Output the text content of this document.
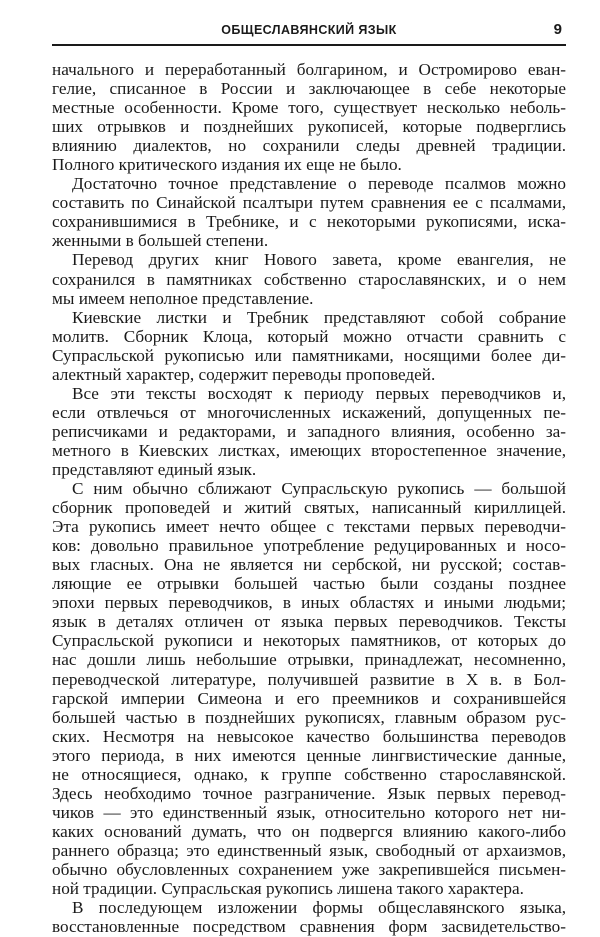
ОБЩЕСЛАВЯНСКИЙ ЯЗЫК	9
начального и переработанный болгарином, и Остромирово еван-
гелие, списанное в России и заключающее в себе некоторые
местные особенности. Кроме того, существует несколько неболь-
ших отрывков и позднейших рукописей, которые подверглись
влиянию диалектов, но сохранили следы древней традиции.
Полного критического издания их еще не было.
Достаточно точное представление о переводе псалмов можно
составить по Синайской псалтыри путем сравнения ее с псалмами,
сохранившимися в Требнике, и с некоторыми рукописями, иска-
женными в большей степени.
Перевод других книг Нового завета, кроме евангелия, не
сохранился в памятниках собственно старославянских, и о нем
мы имеем неполное представление.
Киевские листки и Требник представляют собой собрание
молитв. Сборник Клоца, который можно отчасти сравнить с
Супрасльской рукописью или памятниками, носящими более ди-
алектный характер, содержит переводы проповедей.
Все эти тексты восходят к периоду первых переводчиков и,
если отвлечься от многочисленных искажений, допущенных пе-
реписчиками и редакторами, и западного влияния, особенно за-
метного в Киевских листках, имеющих второстепенное значение,
представляют единый язык.
С ним обычно сближают Супрасльскую рукопись — большой
сборник проповедей и житий святых, написанный кириллицей.
Эта рукопись имеет нечто общее с текстами первых переводчи-
ков: довольно правильное употребление редуцированных и носо-
вых гласных. Она не является ни сербской, ни русской; состав-
ляющие ее отрывки большей частью были созданы позднее
эпохи первых переводчиков, в иных областях и иными людьми;
язык в деталях отличен от языка первых переводчиков. Тексты
Супрасльской рукописи и некоторых памятников, от которых до
нас дошли лишь небольшие отрывки, принадлежат, несомненно,
переводческой литературе, получившей развитие в X в. в Бол-
гарской империи Симеона и его преемников и сохранившейся
большей частью в позднейших рукописях, главным образом рус-
ских. Несмотря на невысокое качество большинства переводов
этого периода, в них имеются ценные лингвистические данные,
не относящиеся, однако, к группе собственно старославянской.
Здесь необходимо точное разграничение. Язык первых перевод-
чиков — это единственный язык, относительно которого нет ни-
каких оснований думать, что он подвергся влиянию какого-либо
раннего образца; это единственный язык, свободный от архаизмов,
обычно обусловленных сохранением уже закрепившейся письмен-
ной традиции. Супрасльская рукопись лишена такого характера.
В последующем изложении формы общеславянского языка,
восстановленные посредством сравнения форм засвидетельство-
